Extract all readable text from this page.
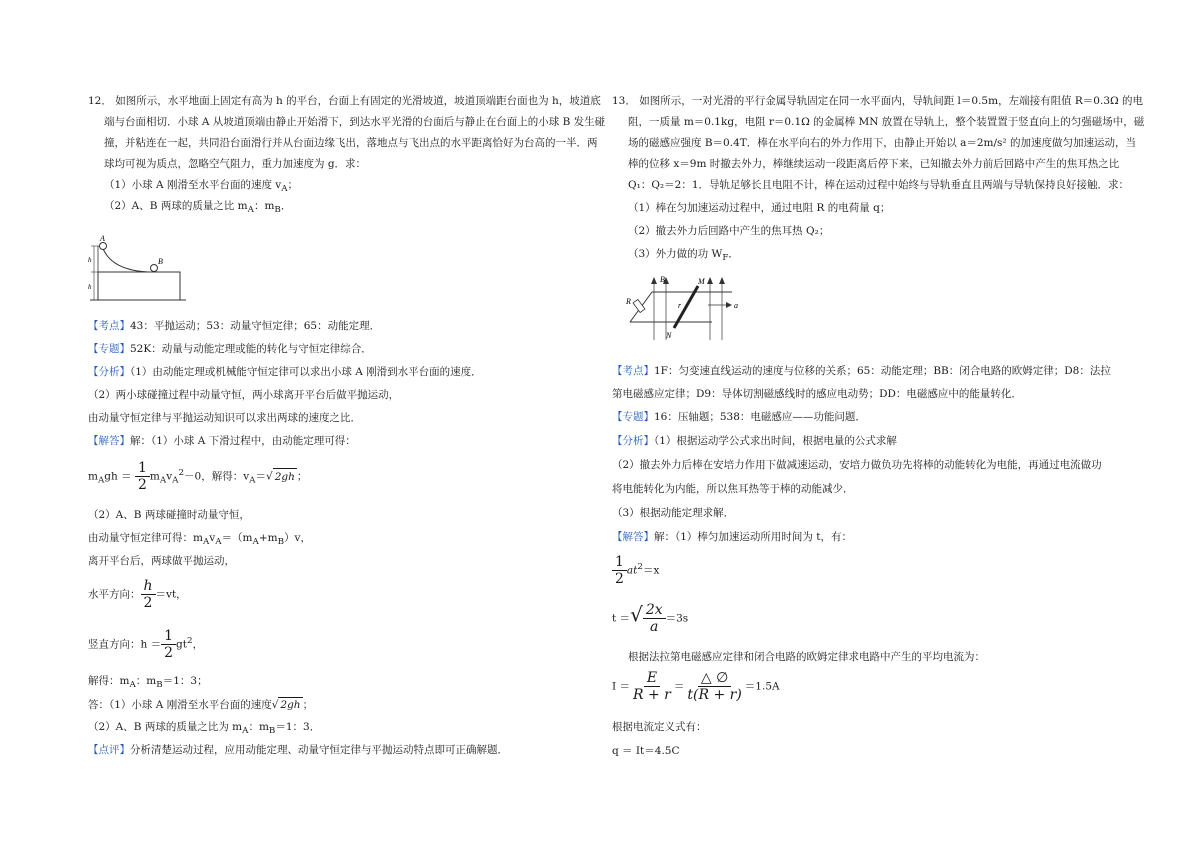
12． 如图所示，水平地面上固定有高为 h 的平台，台面上有固定的光滑坡道，坡道顶端距台面也为 h，坡道底
端与台面相切．小球 A 从坡道顶端由静止开始滑下，到达水平光滑的台面后与静止在台面上的小球 B 发生碰
撞，并粘连在一起，共同沿台面滑行并从台面边缘飞出，落地点与飞出点的水平距离恰好为台高的一半．两
球均可视为质点，忽略空气阻力，重力加速度为 g．求：
（1）小球 A 刚滑至水平台面的速度 $v_A$；
（2）A、B 两球的质量之比 $m_A$：$m_B$．
A
B
h
h
【考点】43：平抛运动；53：动量守恒定律；65：动能定理．
【专题】52K：动量与动能定理或能的转化与守恒定律综合．
【分析】（1）由动能定理或机械能守恒定律可以求出小球 A 刚滑到水平台面的速度．
（2）两小球碰撞过程中动量守恒，两小球离开平台后做平抛运动，
由动量守恒定律与平抛运动知识可以求出两球的速度之比．
【解答】解：（1）小球 A 下滑过程中，由动能定理可得：
$m_Agh = \frac{1}{2} m_Av_A^2-0$，解得：$v_A=√$ 2gh ；
（2）A、B 两球碰撞时动量守恒，
由动量守恒定律可得：$m_Av_A=(m_A+m_B)v$，
离开平台后，两球做平抛运动，
水平方向： $\frac{h}{2} =vt$，
竖直方向：$h = \frac{1}{2} gt^2$，
解得：$m_A$：$m_B=1$：3；
答：（1）小球 A 刚滑至水平台面的速度√ 2gh ；
（2）A、B 两球的质量之比为 $m_A$：$m_B=1$：3．
【点评】分析清楚运动过程，应用动能定理、动量守恒定律与平抛运动特点即可正确解题．
13． 如图所示，一对光滑的平行金属导轨固定在同一水平面内，导轨间距 l＝0.5m，左端接有阻值 R＝0.3Ω 的电
阻，一质量 m＝0.1kg，电阻 r＝0.1Ω 的金属棒 MN 放置在导轨上，整个装置置于竖直向上的匀强磁场中，磁
场的磁感应强度 B＝0.4T．棒在水平向右的外力作用下，由静止开始以 a＝2m/s² 的加速度做匀加速运动，当
棒的位移 x＝9m 时撤去外力，棒继续运动一段距离后停下来，已知撤去外力前后回路中产生的焦耳热之比
Q₁：Q₂＝2：1．导轨足够长且电阻不计，棒在运动过程中始终与导轨垂直且两端与导轨保持良好接触．求：
（1）棒在匀加速运动过程中，通过电阻 R 的电荷量 q；
（2）撤去外力后回路中产生的焦耳热 Q₂；
（3）外力做的功 $W_F$．
B	M
N
R	r	a
【考点】1F：匀变速直线运动的速度与位移的关系；65：动能定理；BB：闭合电路的欧姆定律；D8：法拉
第电磁感应定律；D9：导体切割磁感线时的感应电动势；DD：电磁感应中的能量转化．
【专题】16：压轴题；538：电磁感应——功能问题．
【分析】（1）根据运动学公式求出时间，根据电量的公式求解
（2）撤去外力后棒在安培力作用下做减速运动，安培力做负功先将棒的动能转化为电能，再通过电流做功
将电能转化为内能，所以焦耳热等于棒的动能减少．
（3）根据动能定理求解．
【解答】解：（1）棒匀加速运动所用时间为 t，有：
$\frac{1}{2} at^2=x$
t ＝√ $\frac{2x}{a} =3s$
根据法拉第电磁感应定律和闭合电路的欧姆定律求电路中产生的平均电流为：
$I = \frac{E}{R + r} = \frac{\triangle \emptyset}{t(R + r)} =1.5A$
根据电流定义式有：
q ＝ It＝4.5C
